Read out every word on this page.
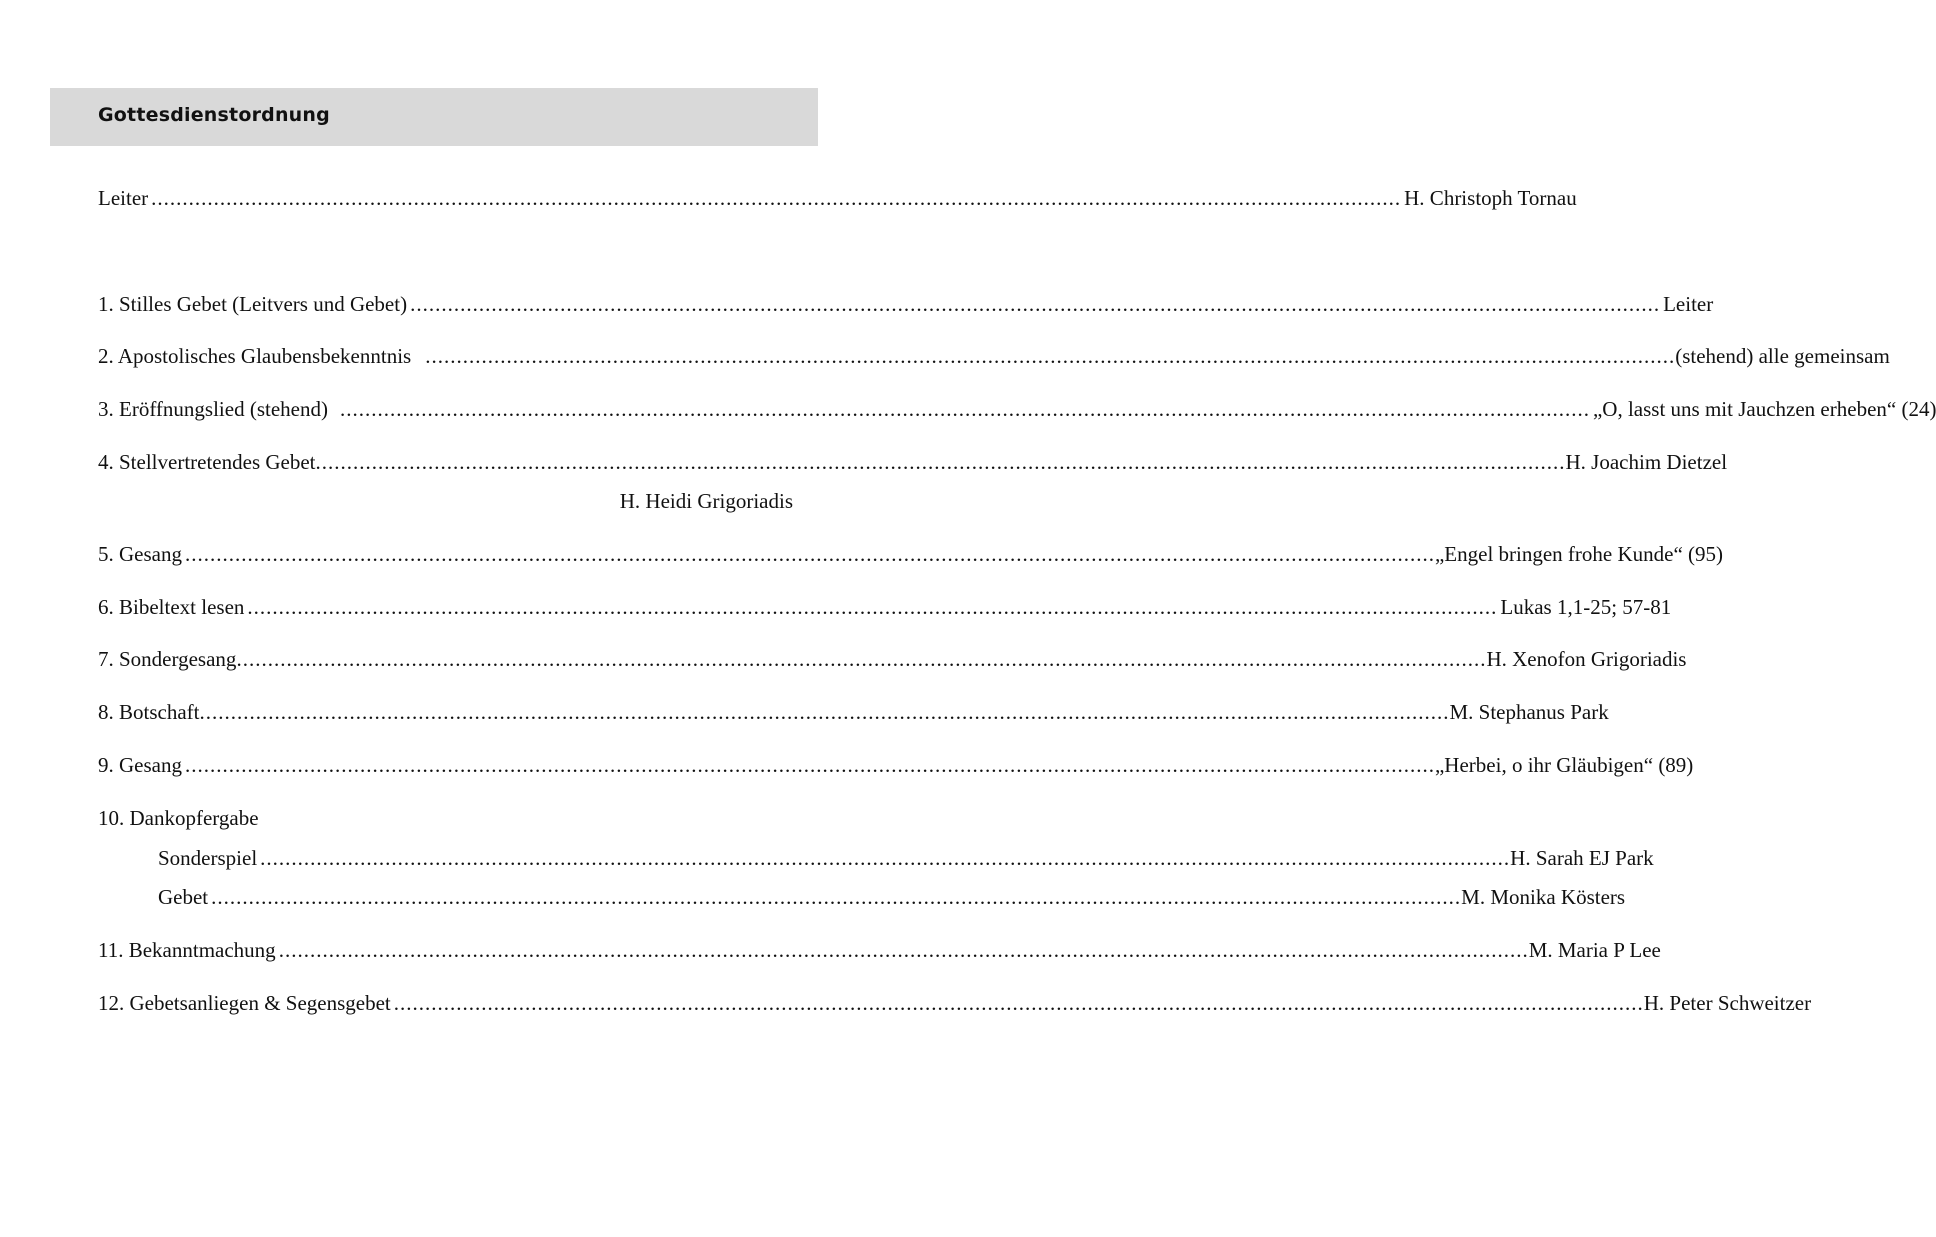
Gottesdienstordnung
Leiter ........................................................................................................................................................................................................ H. Christoph Tornau
1. Stilles Gebet (Leitvers und Gebet) ........................................................................................................................................................................................................ Leiter
2. Apostolisches Glaubensbekenntnis ........................................................................................................................................................................................................ (stehend) alle gemeinsam
3. Eröffnungslied (stehend) ........................................................................................................................................................................................................ „O, lasst uns mit Jauchzen erheben“ (24)
4. Stellvertretendes Gebet ........................................................................................................................................................................................................ H. Joachim Dietzel
H. Heidi Grigoriadis
5. Gesang ........................................................................................................................................................................................................ „Engel bringen frohe Kunde“ (95)
6. Bibeltext lesen ........................................................................................................................................................................................................ Lukas 1,1-25; 57-81
7. Sondergesang ........................................................................................................................................................................................................ H. Xenofon Grigoriadis
8. Botschaft ........................................................................................................................................................................................................ M. Stephanus Park
9. Gesang ........................................................................................................................................................................................................ „Herbei, o ihr Gläubigen“ (89)
10. Dankopfergabe
Sonderspiel ........................................................................................................................................................................................................ H. Sarah EJ Park
Gebet ........................................................................................................................................................................................................ M. Monika Kösters
11. Bekanntmachung ........................................................................................................................................................................................................ M. Maria P Lee
12. Gebetsanliegen & Segensgebet ........................................................................................................................................................................................................ H. Peter Schweitzer
